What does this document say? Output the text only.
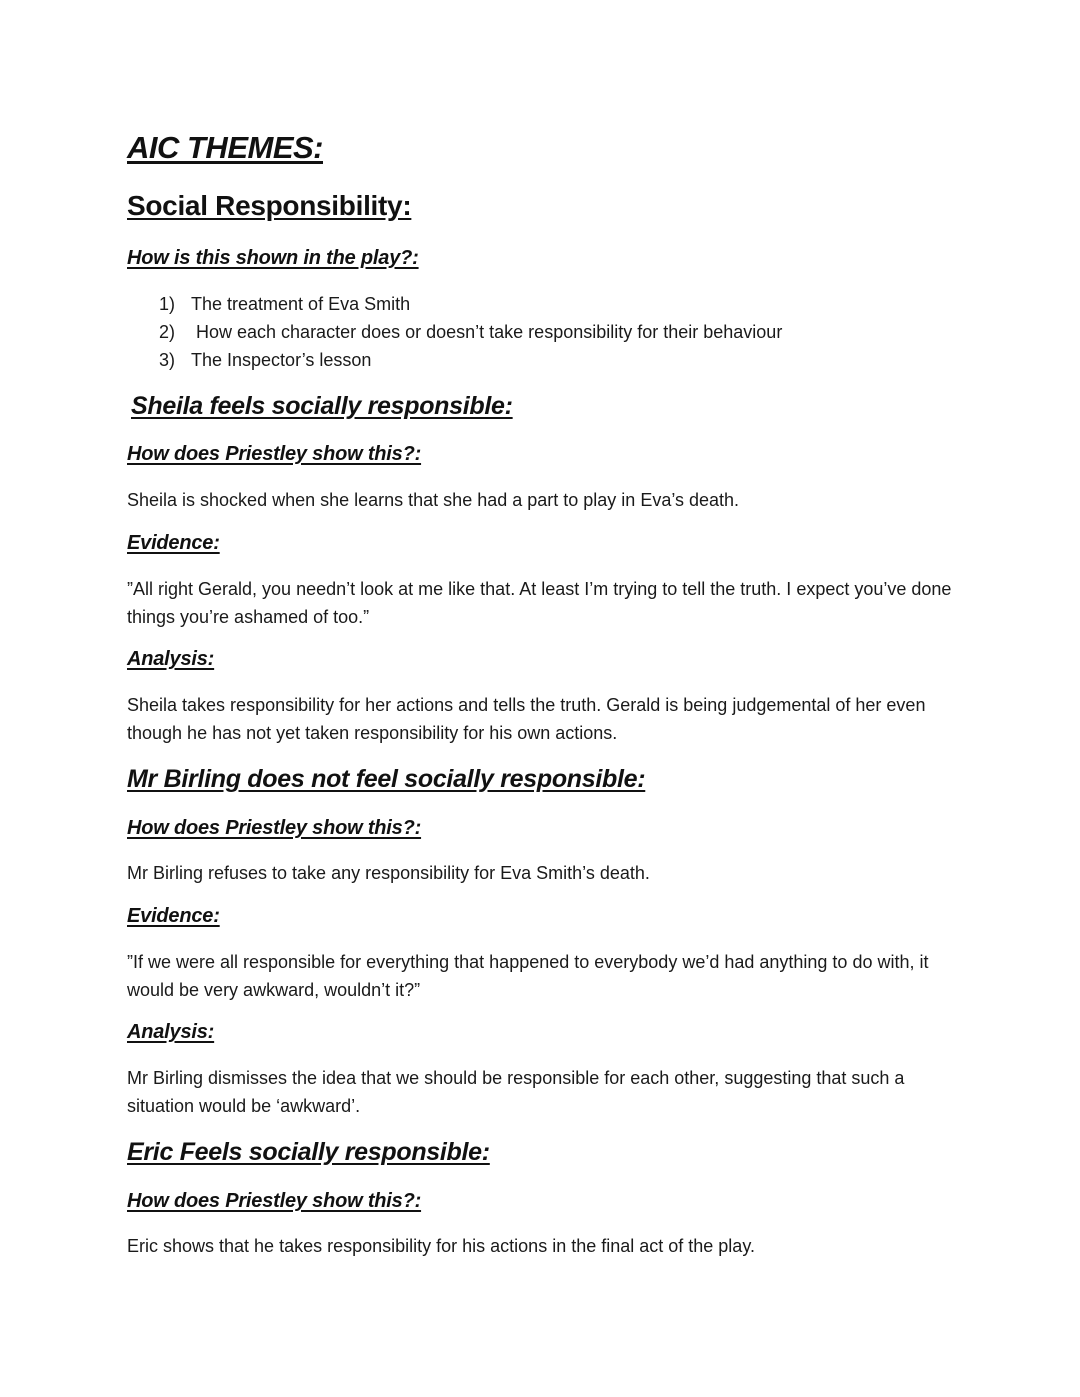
AIC THEMES:
Social Responsibility:
How is this shown in the play?:
1) The treatment of Eva Smith
2) How each character does or doesn’t take responsibility for their behaviour
3) The Inspector’s lesson
Sheila feels socially responsible:
How does Priestley show this?:

Sheila is shocked when she learns that she had a part to play in Eva’s death.

Evidence:

”All right Gerald, you needn’t look at me like that. At least I’m trying to tell the truth. I expect you’ve done things you’re ashamed of too.”

Analysis:

Sheila takes responsibility for her actions and tells the truth. Gerald is being judgemental of her even though he has not yet taken responsibility for his own actions.

Mr Birling does not feel socially responsible:
How does Priestley show this?:

Mr Birling refuses to take any responsibility for Eva Smith’s death.

Evidence:

”If we were all responsible for everything that happened to everybody we’d had anything to do with, it would be very awkward, wouldn’t it?”

Analysis:

Mr Birling dismisses the idea that we should be responsible for each other, suggesting that such a situation would be ‘awkward’.

Eric Feels socially responsible:
How does Priestley show this?:

Eric shows that he takes responsibility for his actions in the final act of the play.
